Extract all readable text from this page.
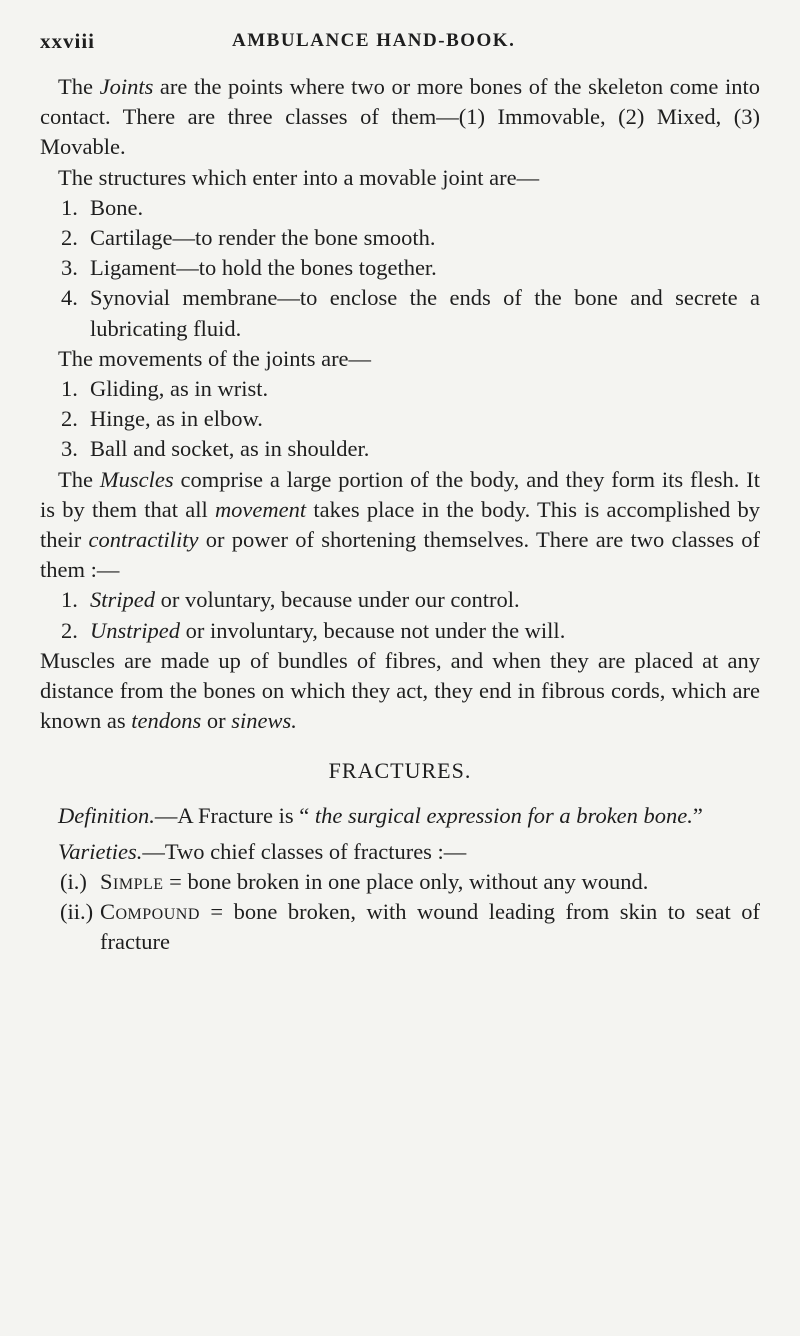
xxviii	AMBULANCE HAND-BOOK.

The Joints are the points where two or more bones of the skeleton come into contact. There are three classes of them—(1) Immovable, (2) Mixed, (3) Movable.

The structures which enter into a movable joint are—

1. Bone.
2. Cartilage—to render the bone smooth.
3. Ligament—to hold the bones together.
4. Synovial membrane—to enclose the ends of the bone and secrete a lubricating fluid.

The movements of the joints are—

1. Gliding, as in wrist.
2. Hinge, as in elbow.
3. Ball and socket, as in shoulder.

The Muscles comprise a large portion of the body, and they form its flesh. It is by them that all movement takes place in the body. This is accomplished by their contractility or power of shortening themselves. There are two classes of them :—

1. Striped or voluntary, because under our control.
2. Unstriped or involuntary, because not under the will.

Muscles are made up of bundles of fibres, and when they are placed at any distance from the bones on which they act, they end in fibrous cords, which are known as tendons or sinews.

FRACTURES.

Definition.—A Fracture is “ the surgical expression for a broken bone.”

Varieties.—Two chief classes of fractures :—

(i.) Simple = bone broken in one place only, without any wound.
(ii.) Compound = bone broken, with wound leading from skin to seat of fracture
